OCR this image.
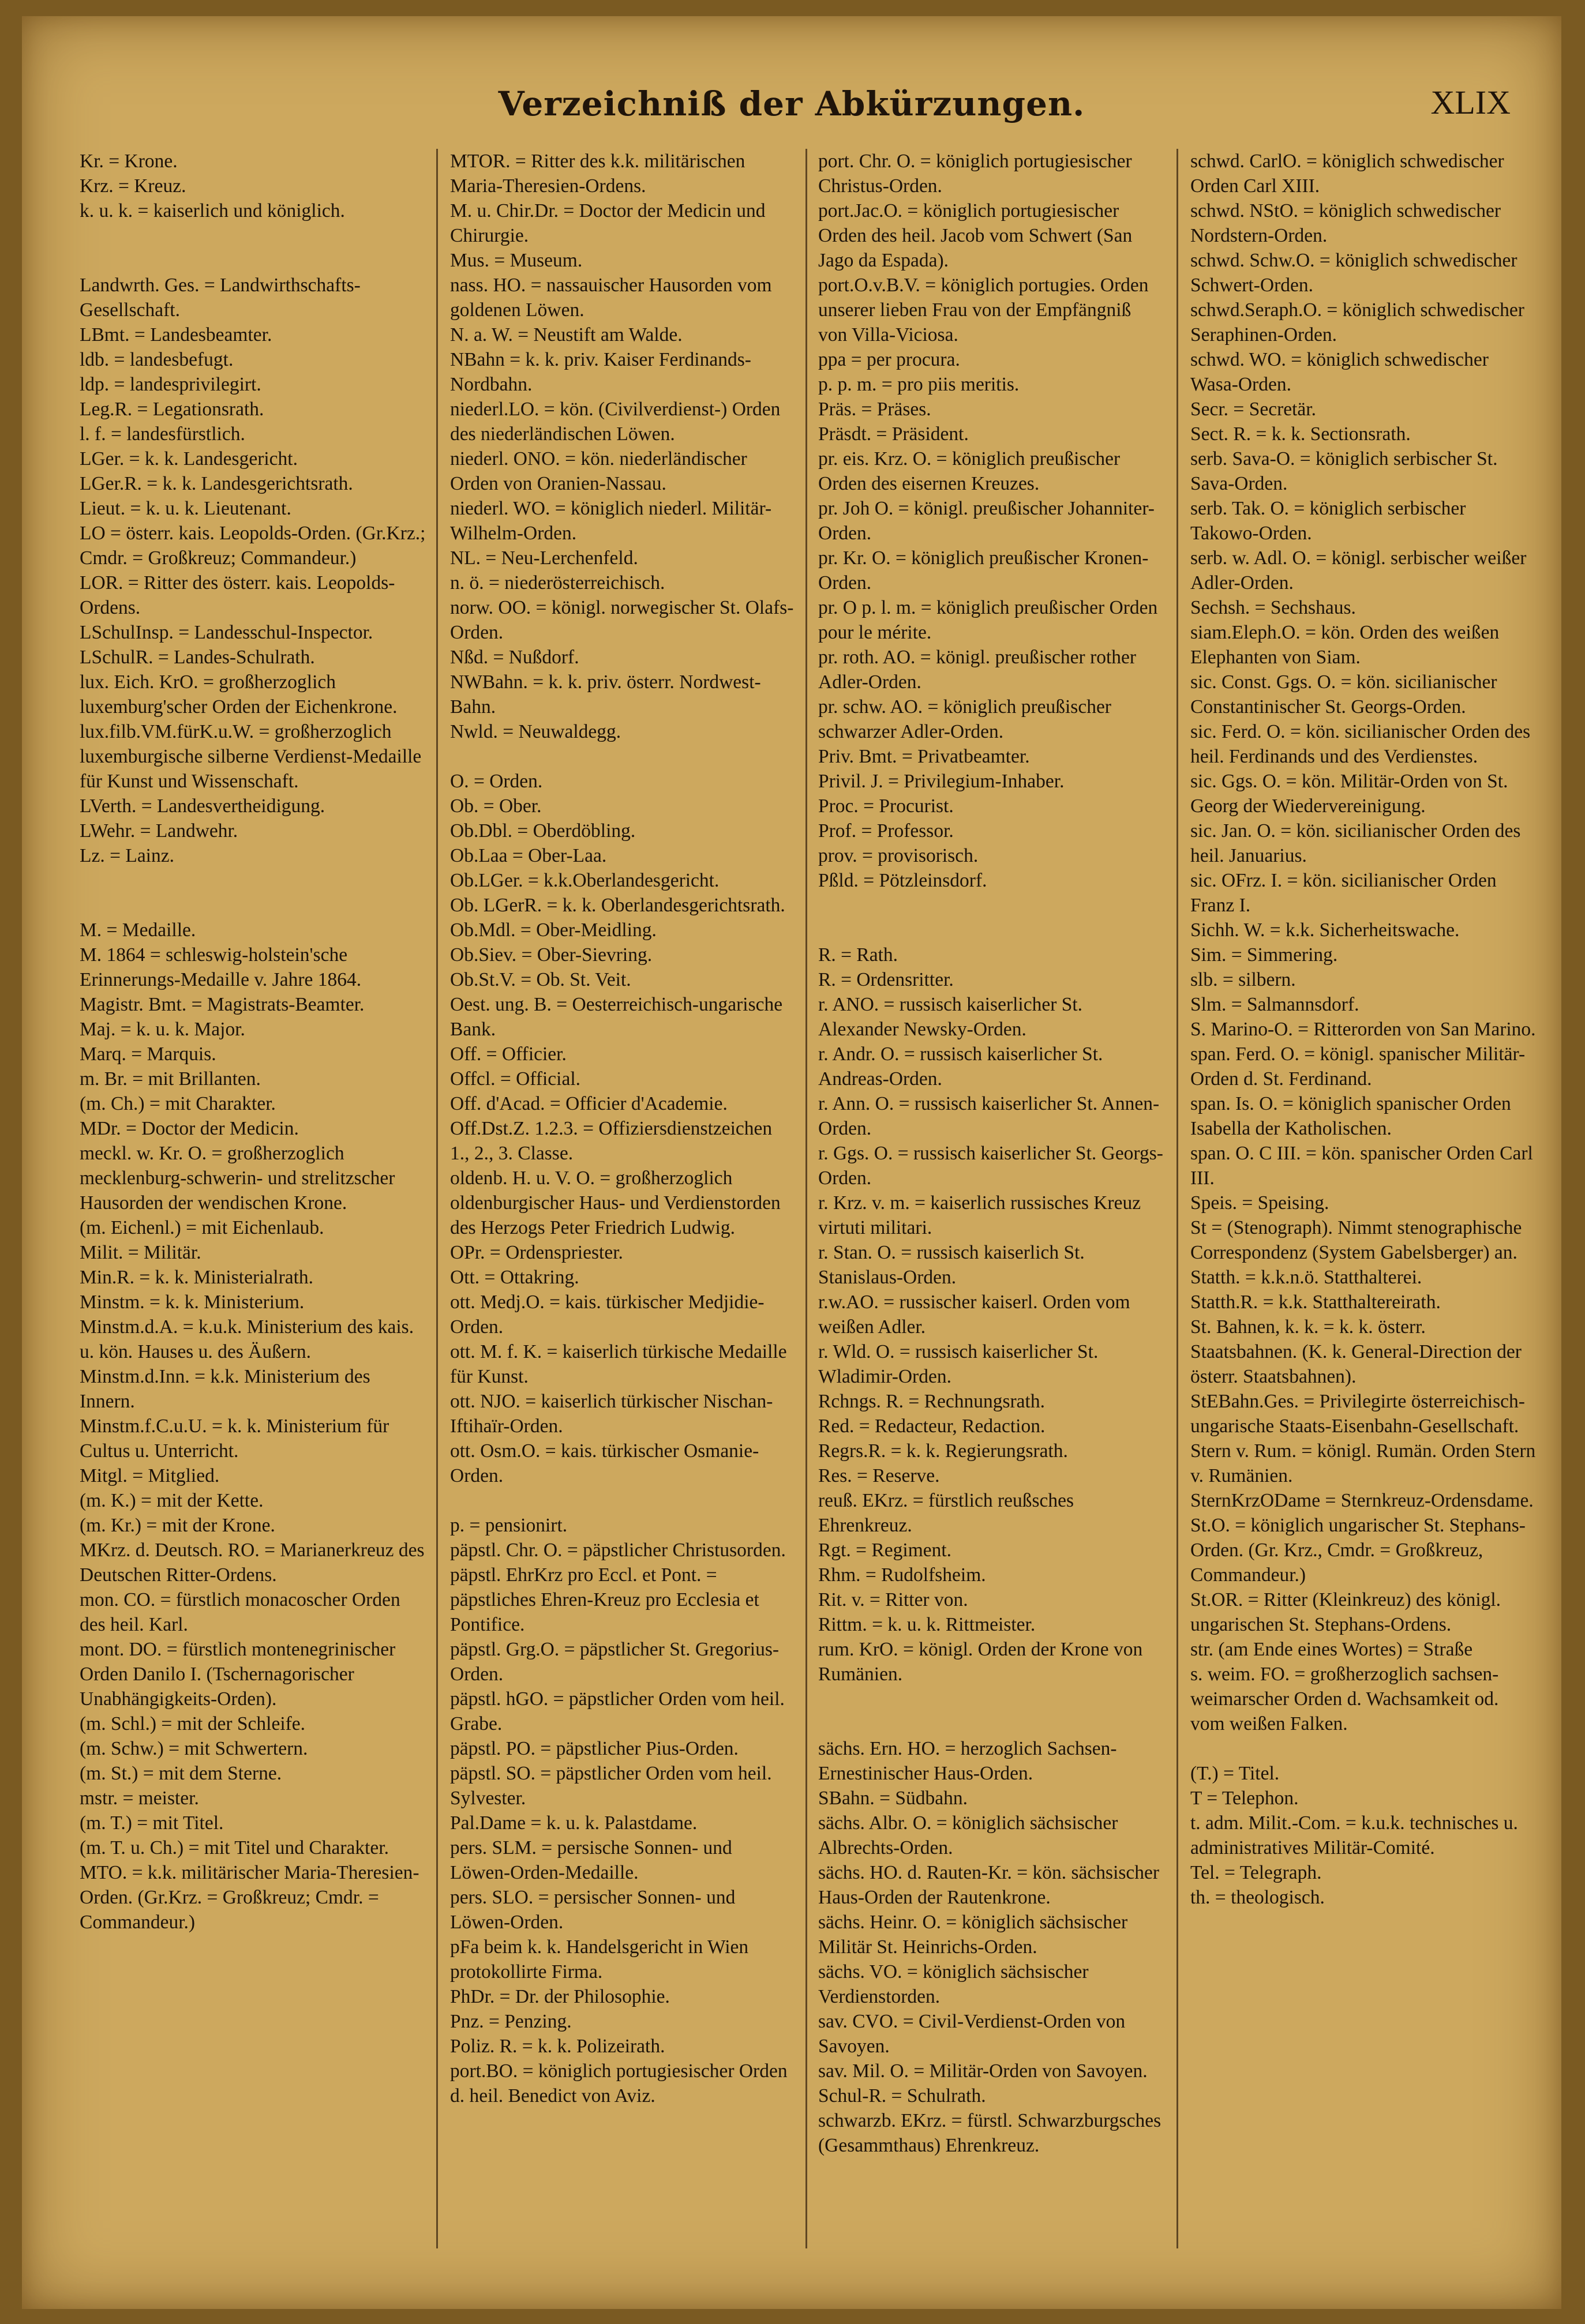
Verzeichniß der Abkürzungen.	XLIX

Kr. = Krone.

Krz. = Kreuz.

k. u. k. = kaiserlich und königlich.

Landwrth. Ges. = Landwirthschafts-Gesellschaft.

LBmt. = Landesbeamter.

ldb. = landesbefugt.

ldp. = landesprivilegirt.

Leg.R. = Legationsrath.

l. f. = landesfürstlich.

LGer. = k. k. Landesgericht.

LGer.R. = k. k. Landesgerichtsrath.

Lieut. = k. u. k. Lieutenant.

LO = österr. kais. Leopolds-Orden. (Gr.Krz.; Cmdr. = Großkreuz; Commandeur.)

LOR. = Ritter des österr. kais. Leopolds-Ordens.

LSchulInsp. = Landesschul-Inspector.

LSchulR. = Landes-Schulrath.

lux. Eich. KrO. = großherzoglich luxemburg'scher Orden der Eichenkrone.

lux.filb.VM.fürK.u.W. = großherzoglich luxemburgische silberne Verdienst-Medaille für Kunst und Wissenschaft.

LVerth. = Landesvertheidigung.

LWehr. = Landwehr.

Lz. = Lainz.

M. = Medaille.

M. 1864 = schleswig-holstein'sche Erinnerungs-Medaille v. Jahre 1864.

Magistr. Bmt. = Magistrats-Beamter.

Maj. = k. u. k. Major.

Marq. = Marquis.

m. Br. = mit Brillanten.

(m. Ch.) = mit Charakter.

MDr. = Doctor der Medicin.

meckl. w. Kr. O. = großherzoglich mecklenburg-schwerin- und strelitzscher Hausorden der wendischen Krone.

(m. Eichenl.) = mit Eichenlaub.

Milit. = Militär.

Min.R. = k. k. Ministerialrath.

Minstm. = k. k. Ministerium.

Minstm.d.A. = k.u.k. Ministerium des kais. u. kön. Hauses u. des Äußern.

Minstm.d.Inn. = k.k. Ministerium des Innern.

Minstm.f.C.u.U. = k. k. Ministerium für Cultus u. Unterricht.

Mitgl. = Mitglied.

(m. K.) = mit der Kette.

(m. Kr.) = mit der Krone.

MKrz. d. Deutsch. RO. = Marianerkreuz des Deutschen Ritter-Ordens.

mon. CO. = fürstlich monacoscher Orden des heil. Karl.

mont. DO. = fürstlich montenegrinischer Orden Danilo I. (Tschernagorischer Unabhängigkeits-Orden).

(m. Schl.) = mit der Schleife.

(m. Schw.) = mit Schwertern.

(m. St.) = mit dem Sterne.

mstr. = meister.

(m. T.) = mit Titel.

(m. T. u. Ch.) = mit Titel und Charakter.

MTO. = k.k. militärischer Maria-Theresien-Orden. (Gr.Krz. = Großkreuz; Cmdr. = Commandeur.)

MTOR. = Ritter des k.k. militärischen Maria-Theresien-Ordens.

M. u. Chir.Dr. = Doctor der Medicin und Chirurgie.

Mus. = Museum.

nass. HO. = nassauischer Hausorden vom goldenen Löwen.

N. a. W. = Neustift am Walde.

NBahn = k. k. priv. Kaiser Ferdinands-Nordbahn.

niederl.LO. = kön. (Civilverdienst-) Orden des niederländischen Löwen.

niederl. ONO. = kön. niederländischer Orden von Oranien-Nassau.

niederl. WO. = königlich niederl. Militär-Wilhelm-Orden.

NL. = Neu-Lerchenfeld.

n. ö. = niederösterreichisch.

norw. OO. = königl. norwegischer St. Olafs-Orden.

Nßd. = Nußdorf.

NWBahn. = k. k. priv. österr. Nordwest-Bahn.

Nwld. = Neuwaldegg.

O. = Orden.

Ob. = Ober.

Ob.Dbl. = Oberdöbling.

Ob.Laa = Ober-Laa.

Ob.LGer. = k.k.Oberlandesgericht.

Ob. LGerR. = k. k. Oberlandesgerichtsrath.

Ob.Mdl. = Ober-Meidling.

Ob.Siev. = Ober-Sievring.

Ob.St.V. = Ob. St. Veit.

Oest. ung. B. = Oesterreichisch-ungarische Bank.

Off. = Officier.

Offcl. = Official.

Off. d'Acad. = Officier d'Academie.

Off.Dst.Z. 1.2.3. = Offiziersdienstzeichen 1., 2., 3. Classe.

oldenb. H. u. V. O. = großherzoglich oldenburgischer Haus- und Verdienstorden des Herzogs Peter Friedrich Ludwig.

OPr. = Ordenspriester.

Ott. = Ottakring.

ott. Medj.O. = kais. türkischer Medjidie-Orden.

ott. M. f. K. = kaiserlich türkische Medaille für Kunst.

ott. NJO. = kaiserlich türkischer Nischan-Iftihaïr-Orden.

ott. Osm.O. = kais. türkischer Osmanie-Orden.

p. = pensionirt.

päpstl. Chr. O. = päpstlicher Christusorden.

päpstl. EhrKrz pro Eccl. et Pont. = päpstliches Ehren-Kreuz pro Ecclesia et Pontifice.

päpstl. Grg.O. = päpstlicher St. Gregorius-Orden.

päpstl. hGO. = päpstlicher Orden vom heil. Grabe.

päpstl. PO. = päpstlicher Pius-Orden.

päpstl. SO. = päpstlicher Orden vom heil. Sylvester.

Pal.Dame = k. u. k. Palastdame.

pers. SLM. = persische Sonnen- und Löwen-Orden-Medaille.

pers. SLO. = persischer Sonnen- und Löwen-Orden.

pFa beim k. k. Handelsgericht in Wien protokollirte Firma.

PhDr. = Dr. der Philosophie.

Pnz. = Penzing.

Poliz. R. = k. k. Polizeirath.

port.BO. = königlich portugiesischer Orden d. heil. Benedict von Aviz.

port. Chr. O. = königlich portugiesischer Christus-Orden.

port.Jac.O. = königlich portugiesischer Orden des heil. Jacob vom Schwert (San Jago da Espada).

port.O.v.B.V. = königlich portugies. Orden unserer lieben Frau von der Empfängniß von Villa-Viciosa.

ppa = per procura.

p. p. m. = pro piis meritis.

Präs. = Präses.

Präsdt. = Präsident.

pr. eis. Krz. O. = königlich preußischer Orden des eisernen Kreuzes.

pr. Joh O. = königl. preußischer Johanniter-Orden.

pr. Kr. O. = königlich preußischer Kronen-Orden.

pr. O p. l. m. = königlich preußischer Orden pour le mérite.

pr. roth. AO. = königl. preußischer rother Adler-Orden.

pr. schw. AO. = königlich preußischer schwarzer Adler-Orden.

Priv. Bmt. = Privatbeamter.

Privil. J. = Privilegium-Inhaber.

Proc. = Procurist.

Prof. = Professor.

prov. = provisorisch.

Pßld. = Pötzleinsdorf.

R. = Rath.

R. = Ordensritter.

r. ANO. = russisch kaiserlicher St. Alexander Newsky-Orden.

r. Andr. O. = russisch kaiserlicher St. Andreas-Orden.

r. Ann. O. = russisch kaiserlicher St. Annen-Orden.

r. Ggs. O. = russisch kaiserlicher St. Georgs-Orden.

r. Krz. v. m. = kaiserlich russisches Kreuz virtuti militari.

r. Stan. O. = russisch kaiserlich St. Stanislaus-Orden.

r.w.AO. = russischer kaiserl. Orden vom weißen Adler.

r. Wld. O. = russisch kaiserlicher St. Wladimir-Orden.

Rchngs. R. = Rechnungsrath.

Red. = Redacteur, Redaction.

Regrs.R. = k. k. Regierungsrath.

Res. = Reserve.

reuß. EKrz. = fürstlich reußsches Ehrenkreuz.

Rgt. = Regiment.

Rhm. = Rudolfsheim.

Rit. v. = Ritter von.

Rittm. = k. u. k. Rittmeister.

rum. KrO. = königl. Orden der Krone von Rumänien.

sächs. Ern. HO. = herzoglich Sachsen-Ernestinischer Haus-Orden.

SBahn. = Südbahn.

sächs. Albr. O. = königlich sächsischer Albrechts-Orden.

sächs. HO. d. Rauten-Kr. = kön. sächsischer Haus-Orden der Rautenkrone.

sächs. Heinr. O. = königlich sächsischer Militär St. Heinrichs-Orden.

sächs. VO. = königlich sächsischer Verdienstorden.

sav. CVO. = Civil-Verdienst-Orden von Savoyen.

sav. Mil. O. = Militär-Orden von Savoyen.

Schul-R. = Schulrath.

schwarzb. EKrz. = fürstl. Schwarzburgsches (Gesammthaus) Ehrenkreuz.

schwd. CarlO. = königlich schwedischer Orden Carl XIII.

schwd. NStO. = königlich schwedischer Nordstern-Orden.

schwd. Schw.O. = königlich schwedischer Schwert-Orden.

schwd.Seraph.O. = königlich schwedischer Seraphinen-Orden.

schwd. WO. = königlich schwedischer Wasa-Orden.

Secr. = Secretär.

Sect. R. = k. k. Sectionsrath.

serb. Sava-O. = königlich serbischer St. Sava-Orden.

serb. Tak. O. = königlich serbischer Takowo-Orden.

serb. w. Adl. O. = königl. serbischer weißer Adler-Orden.

Sechsh. = Sechshaus.

siam.Eleph.O. = kön. Orden des weißen Elephanten von Siam.

sic. Const. Ggs. O. = kön. sicilianischer Constantinischer St. Georgs-Orden.

sic. Ferd. O. = kön. sicilianischer Orden des heil. Ferdinands und des Verdienstes.

sic. Ggs. O. = kön. Militär-Orden von St. Georg der Wiedervereinigung.

sic. Jan. O. = kön. sicilianischer Orden des heil. Januarius.

sic. OFrz. I. = kön. sicilianischer Orden Franz I.

Sichh. W. = k.k. Sicherheitswache.

Sim. = Simmering.

slb. = silbern.

Slm. = Salmannsdorf.

S. Marino-O. = Ritterorden von San Marino.

span. Ferd. O. = königl. spanischer Militär-Orden d. St. Ferdinand.

span. Is. O. = königlich spanischer Orden Isabella der Katholischen.

span. O. C III. = kön. spanischer Orden Carl III.

Speis. = Speising.

St = (Stenograph). Nimmt stenographische Correspondenz (System Gabelsberger) an.

Statth. = k.k.n.ö. Statthalterei.

Statth.R. = k.k. Statthaltereirath.

St. Bahnen, k. k. = k. k. österr. Staatsbahnen. (K. k. General-Direction der österr. Staatsbahnen).

StEBahn.Ges. = Privilegirte österreichisch-ungarische Staats-Eisenbahn-Gesellschaft.

Stern v. Rum. = königl. Rumän. Orden Stern v. Rumänien.

SternKrzODame = Sternkreuz-Ordensdame.

St.O. = königlich ungarischer St. Stephans-Orden. (Gr. Krz., Cmdr. = Großkreuz, Commandeur.)

St.OR. = Ritter (Kleinkreuz) des königl. ungarischen St. Stephans-Ordens.

str. (am Ende eines Wortes) = Straße

s. weim. FO. = großherzoglich sachsen-weimarscher Orden d. Wachsamkeit od. vom weißen Falken.

(T.) = Titel.

T = Telephon.

t. adm. Milit.-Com. = k.u.k. technisches u. administratives Militär-Comité.

Tel. = Telegraph.

th. = theologisch.
